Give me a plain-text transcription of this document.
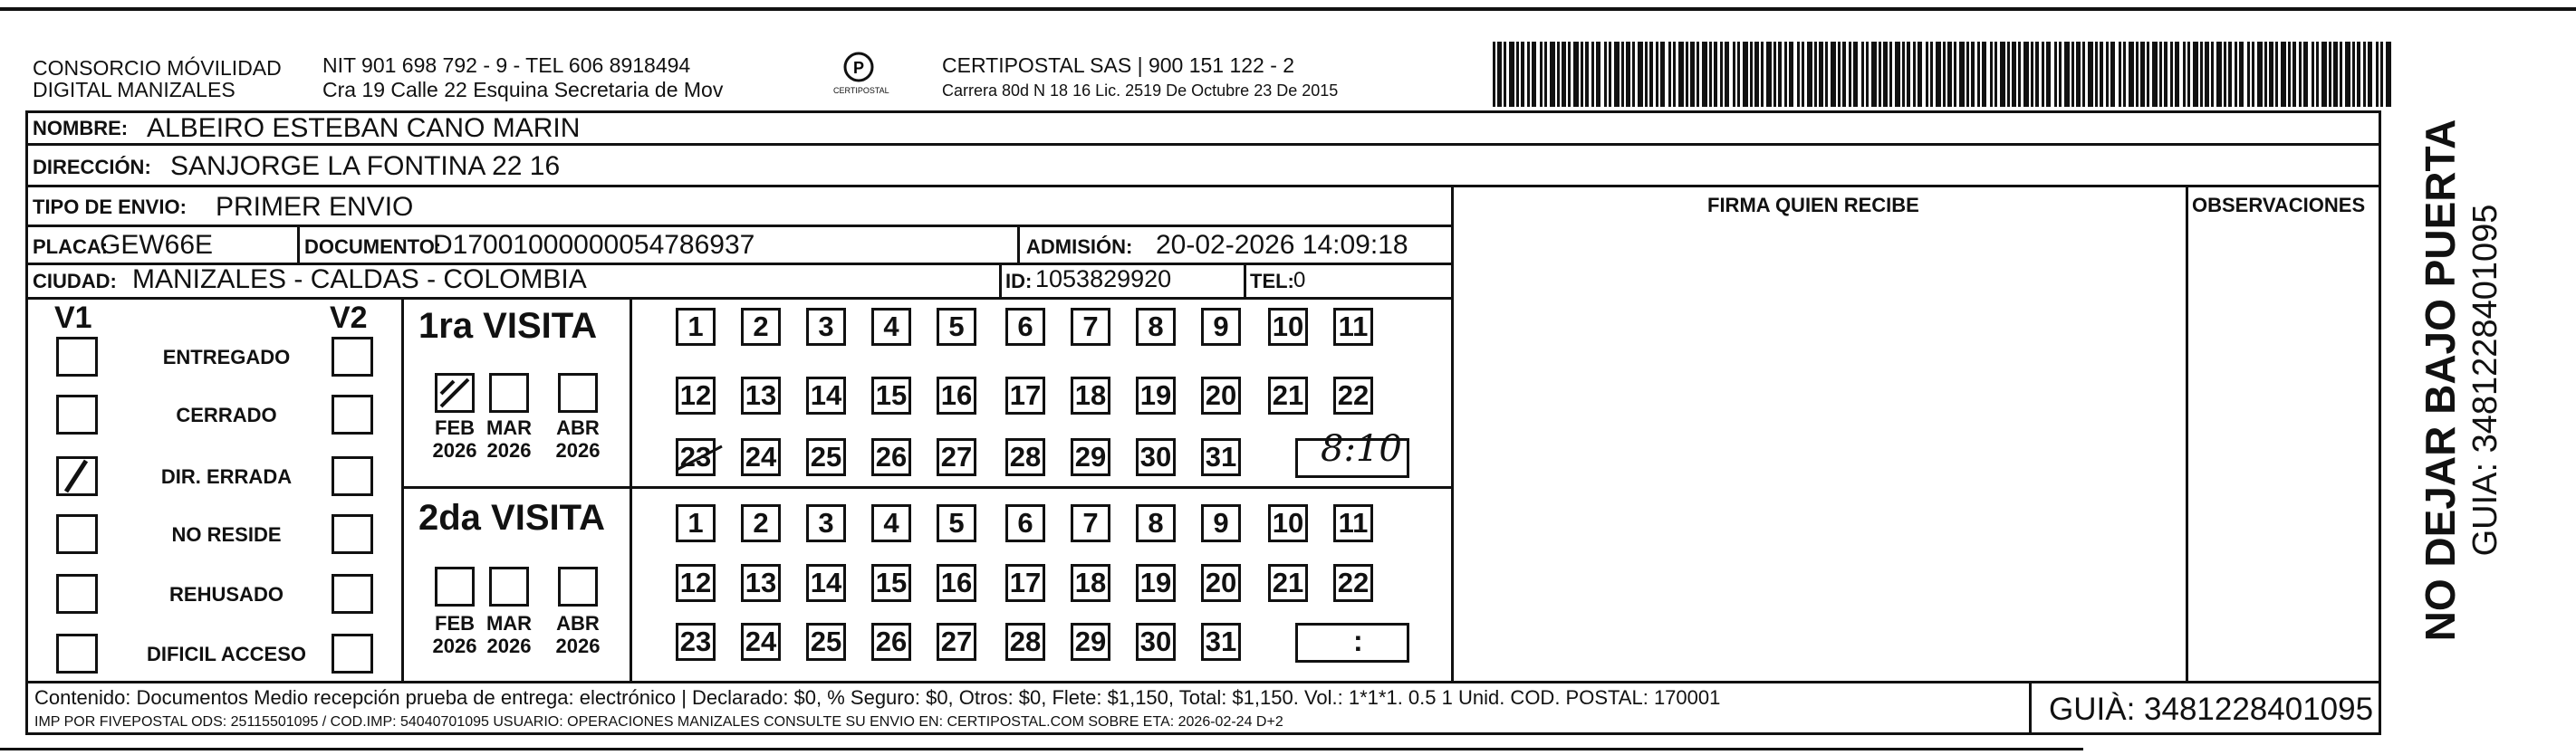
CONSORCIO MÓVILIDAD
DIGITAL MANIZALES
NIT 901 698 792 - 9 - TEL 606 8918494
Cra 19 Calle 22 Esquina Secretaria de Mov
P
CERTIPOSTAL
CERTIPOSTAL SAS | 900 151 122 - 2
Carrera 80d N 18 16 Lic. 2519 De Octubre 23 De 2015
NOMBRE: ALBEIRO ESTEBAN CANO MARIN
DIRECCIÓN: SANJORGE LA FONTINA 22 16
TIPO DE ENVIO: PRIMER ENVIO	FIRMA QUIEN RECIBE	OBSERVACIONES
PLACA:
GEW66E	DOCUMENTO:
D17001000000054786937	ADMISIÓN: 20-02-2026 14:09:18
CIUDAD: MANIZALES - CALDAS - COLOMBIA	ID: 1053829920	TEL: 0
V1	V2
ENTREGADO
CERRADO
DIR. ERRADA
NO RESIDE
REHUSADO
DIFICIL ACCESO
1ra VISITA
2da VISITA
FEB
2026
MAR
2026
ABR
2026
1	2	3	4	5	6	7	8	9	10 11
12 13 14 15 16 17 18 19 20 21 22
23 24 25 26 27 28 29 30 31
FEB
2026
MAR
2026
ABR
2026
1	2	3	4	5	6	7	8	9	10 11
12 13 14 15 16 17 18 19 20 21 22
23 24 25 26 27 28 29 30 31
8:10
:
Contenido: Documentos Medio recepción prueba de entrega: electrónico | Declarado: $0, % Seguro: $0, Otros: $0, Flete: $1,150, Total: $1,150. Vol.: 1*1*1. 0.5 1 Unid. COD. POSTAL: 170001
IMP POR FIVEPOSTAL ODS: 25115501095 / COD.IMP: 54040701095 USUARIO: OPERACIONES MANIZALES CONSULTE SU ENVIO EN: CERTIPOSTAL.COM SOBRE ETA: 2026-02-24 D+2	GUIÀ: 3481228401095
NO DEJAR BAJO PUERTA GUIA: 3481228401095
